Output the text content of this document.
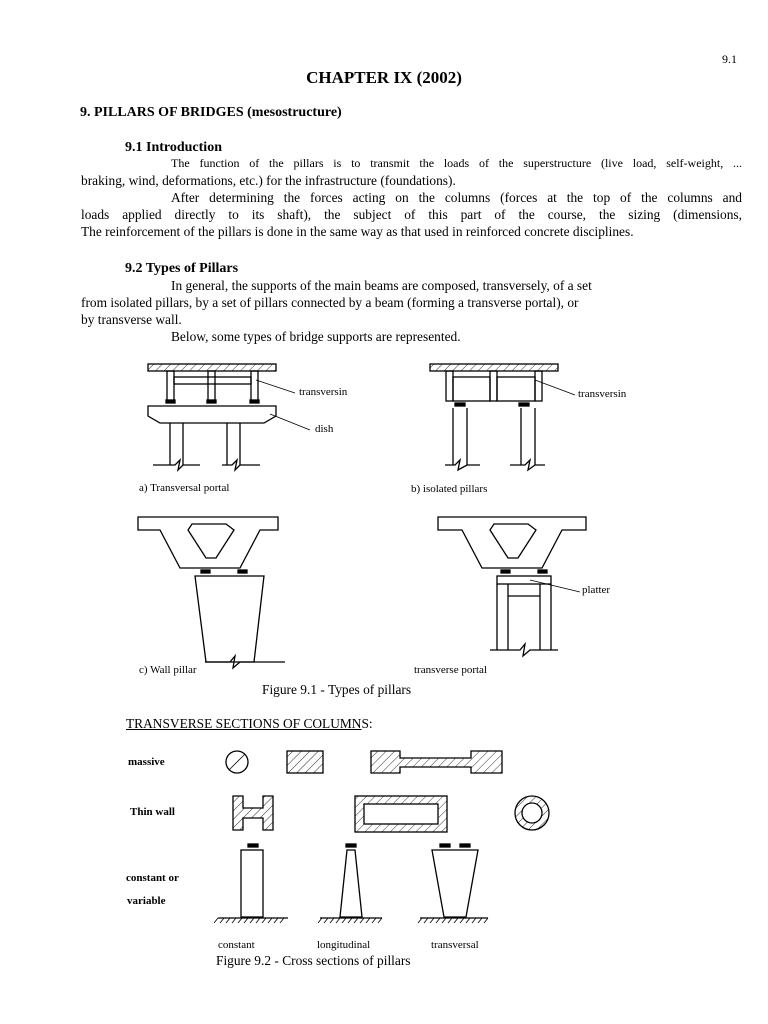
9.1
CHAPTER IX (2002)
9. PILLARS OF BRIDGES (mesostructure)
9.1 Introduction
The function of the pillars is to transmit the loads of the superstructure (live load, self-weight, ...
braking, wind, deformations, etc.) for the infrastructure (foundations).
After determining the forces acting on the columns (forces at the top of the columns and
loads applied directly to its shaft), the subject of this part of the course, the sizing (dimensions,
The reinforcement of the pillars is done in the same way as that used in reinforced concrete disciplines.
9.2 Types of Pillars
In general, the supports of the main beams are composed, transversely, of a set
from isolated pillars, by a set of pillars connected by a beam (forming a transverse portal), or
by transverse wall.
Below, some types of bridge supports are represented.
transversin
dish
transversin
platter
a) Transversal portal	b) isolated pillars
c) Wall pillar	transverse portal
Figure 9.1 - Types of pillars
TRANSVERSE SECTIONS OF COLUMNS:
massive
Thin wall
constant or
variable
constant	longitudinal	transversal
Figure 9.2 - Cross sections of pillars
